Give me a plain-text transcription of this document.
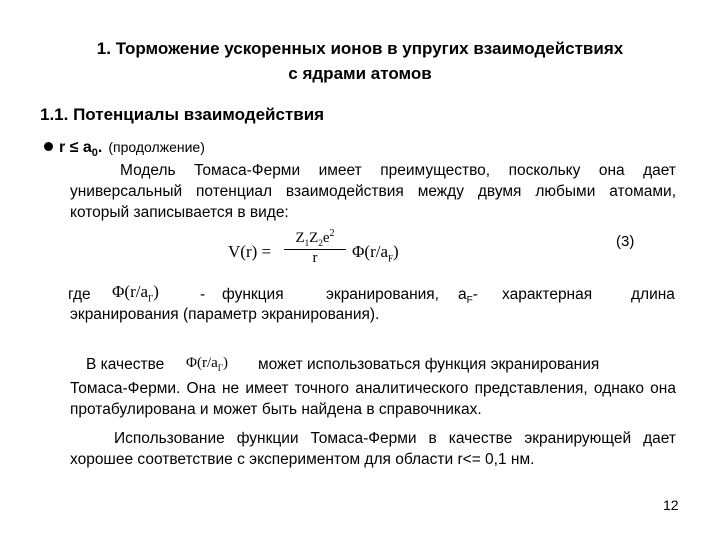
1. Торможение ускоренных ионов в упругих взаимодействиях
с ядрами атомов
1.1. Потенциалы взаимодействия
$r \le a_0$. (продолжение)
Модель Томаса-Ферми имеет преимущество, поскольку она дает универсальный потенциал взаимодействия между двумя любыми атомами, который записывается в виде:
$V(r) = \frac{Z_1Z_2e^2}{r} \Phi(r/a_F)$
(3)
где $\Phi(r/a_Г)$	- функция	экранирования, $a_F-$ характерная	длина
экранирования (параметр экранирования).
В качестве $\Phi(r/a_Г)$ может использоваться функция экранирования
Томаса-Ферми. Она не имеет точного аналитического представления, однако она протабулирована и может быть найдена в справочниках.
Использование функции Томаса-Ферми в качестве экранирующей дает хорошее соответствие с экспериментом для области r<= 0,1 нм.
12
